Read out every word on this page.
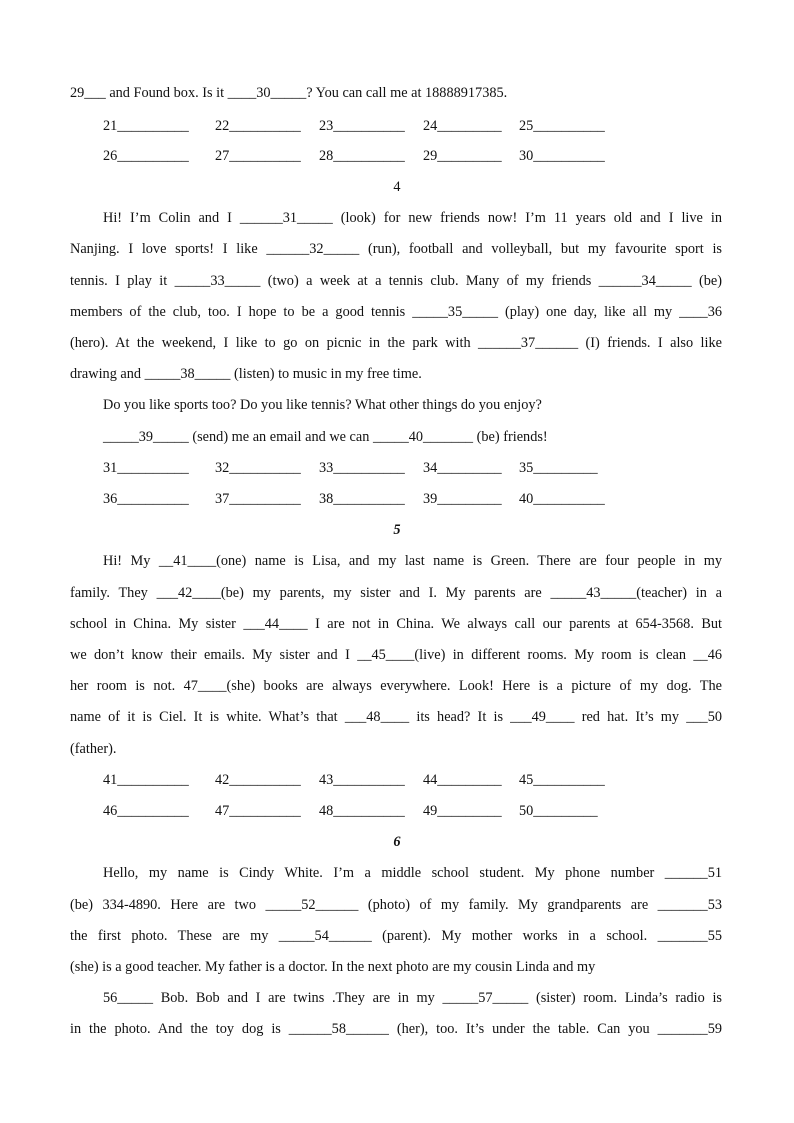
29___ and Found box. Is it ____30_____? You can call me at 18888917385.
21__________ 22__________ 23__________ 24_________ 25__________
26__________ 27__________ 28__________ 29_________ 30__________
4
Hi! I’m Colin and I ______31_____ (look) for new friends now! I’m 11 years old and I live in
Nanjing. I love sports! I like ______32_____ (run), football and volleyball, but my favourite sport is
tennis. I play it _____33_____ (two) a week at a tennis club. Many of my friends ______34_____ (be)
members of the club, too. I hope to be a good tennis _____35_____ (play) one day, like all my ____36
(hero). At the weekend, I like to go on picnic in the park with ______37______ (I) friends. I also like
drawing and _____38_____ (listen) to music in my free time.
Do you like sports too? Do you like tennis? What other things do you enjoy?
_____39_____ (send) me an email and we can _____40_______ (be) friends!
31__________ 32__________ 33__________ 34_________ 35_________
36__________ 37__________ 38__________ 39_________ 40__________
5
Hi! My __41____(one) name is Lisa, and my last name is Green. There are four people in my
family. They ___42____(be) my parents, my sister and I. My parents are _____43_____(teacher) in a
school in China. My sister ___44____ I are not in China. We always call our parents at 654-3568. But
we don’t know their emails. My sister and I __45____(live) in different rooms. My room is clean __46
her room is not. 47____(she) books are always everywhere. Look! Here is a picture of my dog. The
name of it is Ciel. It is white. What’s that ___48____ its head? It is ___49____ red hat. It’s my ___50
(father).
41__________ 42__________ 43__________ 44_________ 45__________
46__________ 47__________ 48__________ 49_________ 50_________
6
Hello, my name is Cindy White. I’m a middle school student. My phone number ______51
(be) 334-4890. Here are two _____52______ (photo) of my family. My grandparents are _______53
the first photo. These are my _____54______ (parent). My mother works in a school. _______55
(she) is a good teacher. My father is a doctor. In the next photo are my cousin Linda and my
56_____ Bob. Bob and I are twins .They are in my _____57_____ (sister) room. Linda’s radio is
in the photo. And the toy dog is ______58______ (her), too. It’s under the table. Can you _______59
